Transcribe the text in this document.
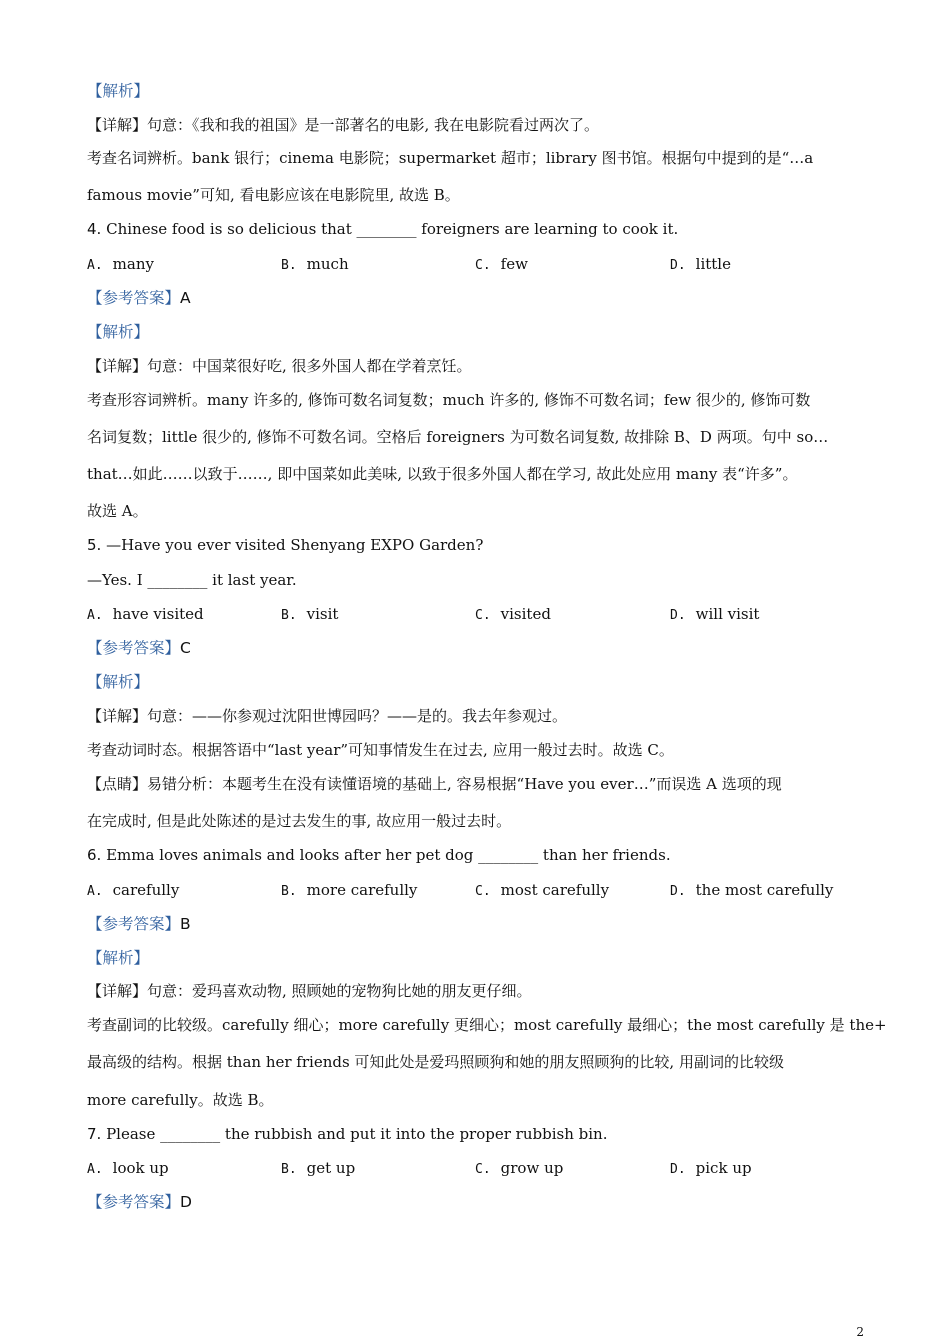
【解析】
【详解】句意：《我和我的祖国》是一部著名的电影, 我在电影院看过两次了。
考查名词辨析。bank 银行；cinema 电影院；supermarket 超市；library 图书馆。根据句中提到的是“…a
famous movie”可知, 看电影应该在电影院里, 故选 B。
4. Chinese food is so delicious that ________ foreigners are learning to cook it.
A. many	B. much	C. few	D. little
【参考答案】A
【解析】
【详解】句意：中国菜很好吃, 很多外国人都在学着烹饪。
考查形容词辨析。many 许多的, 修饰可数名词复数；much 许多的, 修饰不可数名词；few 很少的, 修饰可数
名词复数；little 很少的, 修饰不可数名词。空格后 foreigners 为可数名词复数, 故排除 B、D 两项。句中 so…
that…如此……以致于……, 即中国菜如此美味, 以致于很多外国人都在学习, 故此处应用 many 表“许多”。
故选 A。
5. —Have you ever visited Shenyang EXPO Garden?
—Yes. I ________ it last year.
A. have visited	B. visit	C. visited	D. will visit
【参考答案】C
【解析】
【详解】句意：——你参观过沈阳世博园吗？——是的。我去年参观过。
考查动词时态。根据答语中“last year”可知事情发生在过去, 应用一般过去时。故选 C。
【点睛】易错分析：本题考生在没有读懂语境的基础上, 容易根据“Have you ever…”而误选 A 选项的现
在完成时, 但是此处陈述的是过去发生的事, 故应用一般过去时。
6. Emma loves animals and looks after her pet dog ________ than her friends.
A. carefully	B. more carefully	C. most carefully	D. the most carefully
【参考答案】B
【解析】
【详解】句意：爱玛喜欢动物, 照顾她的宠物狗比她的朋友更仔细。
考查副词的比较级。carefully 细心；more carefully 更细心；most carefully 最细心；the most carefully 是 the+
最高级的结构。根据 than her friends 可知此处是爱玛照顾狗和她的朋友照顾狗的比较, 用副词的比较级
more carefully。故选 B。
7. Please ________ the rubbish and put it into the proper rubbish bin.
A. look up	B. get up	C. grow up	D. pick up
【参考答案】D
2
